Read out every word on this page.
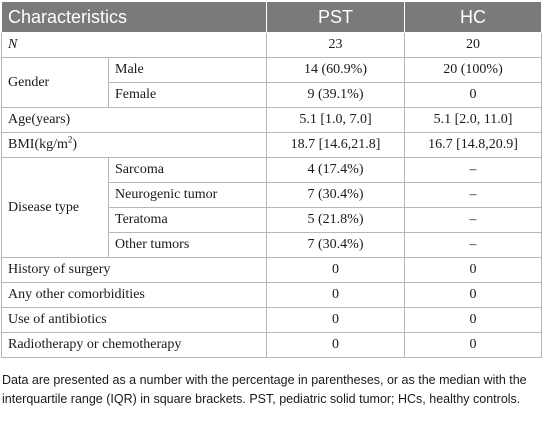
Characteristics		PST	HC
N		23	20
Gender	Male	14 (60.9%)	20 (100%)
	Female	9 (39.1%)	0
Age(years)		5.1 [1.0, 7.0]	5.1 [2.0, 11.0]
$BMI(kg/m^2)$		18.7 [14.6,21.8]	16.7 [14.8,20.9]
Disease type	Sarcoma	4 (17.4%)	–
	Neurogenic tumor	7 (30.4%)	–
	Teratoma	5 (21.8%)	–
	Other tumors	7 (30.4%)	–
History of surgery		0	0
Any other comorbidities		0	0
Use of antibiotics		0	0
Radiotherapy or chemotherapy		0	0
Data are presented as a number with the percentage in parentheses, or as the median with the interquartile range (IQR) in square brackets. PST, pediatric solid tumor; HCs, healthy controls.
